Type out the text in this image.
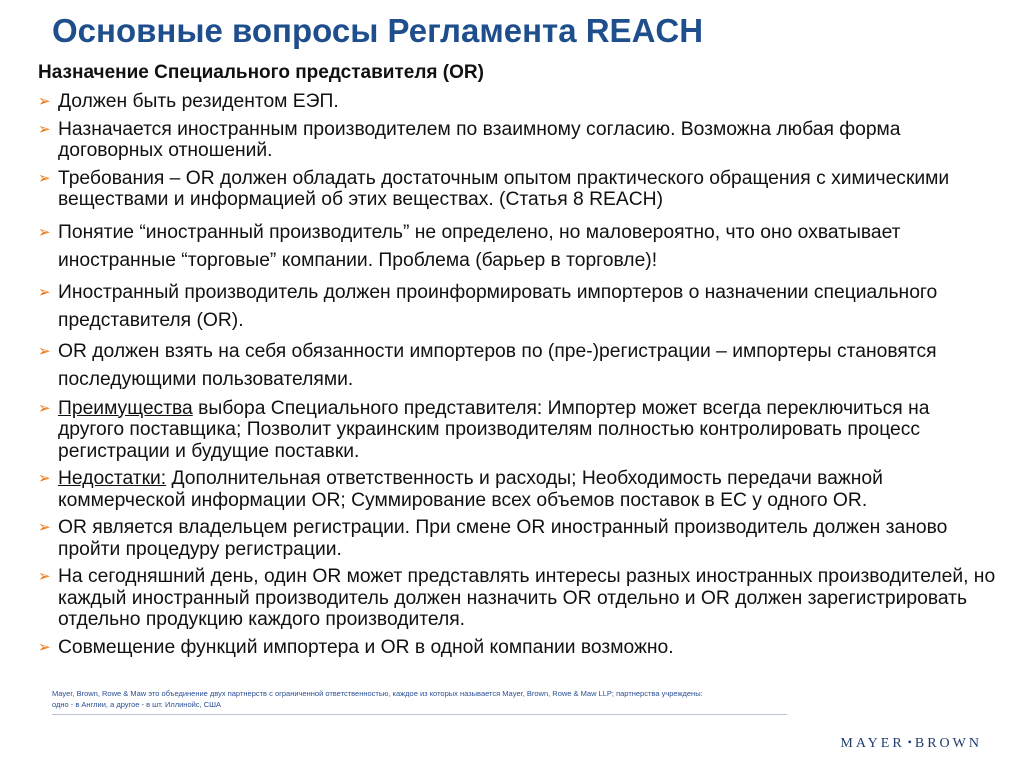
Основные вопросы Регламента REACH
Назначение Специального представителя (OR)
➢ Должен быть резидентом ЕЭП.
➢ Назначается иностранным производителем по взаимному согласию. Возможна любая форма договорных отношений.
➢ Требования – OR должен обладать достаточным опытом практического обращения с химическими веществами и информацией об этих веществах. (Статья 8 REACH)
➢ Понятие “иностранный производитель” не определено, но маловероятно, что оно охватывает иностранные “торговые” компании. Проблема (барьер в торговле)!
➢ Иностранный производитель должен проинформировать импортеров о назначении специального представителя (OR).
➢ OR должен взять на себя обязанности импортеров по (пре-)регистрации – импортеры становятся последующими пользователями.
➢ Преимущества выбора Специального представителя: Импортер может всегда переключиться на другого поставщика; Позволит украинским производителям полностью контролировать процесс регистрации и будущие поставки.
➢ Недостатки: Дополнительная ответственность и расходы; Необходимость передачи важной коммерческой информации OR; Суммирование всех объемов поставок в ЕС у одного OR.
➢ OR является владельцем регистрации. При смене OR иностранный производитель должен заново пройти процедуру регистрации.
➢ На сегодняшний день, один OR может представлять интересы разных иностранных производителей, но каждый иностранный производитель должен назначить OR отдельно и OR должен зарегистрировать отдельно продукцию каждого производителя.
➢ Совмещение функций импортера и OR в одной компании возможно.
Mayer, Brown, Rowe & Maw это объединение двух партнерств с ограниченной ответственностью, каждое из которых называется Mayer, Brown, Rowe & Maw LLP; партнерства учреждены:
одно - в Англии, а другое - в шт. Иллинойс, США
MAYER • BROWN
